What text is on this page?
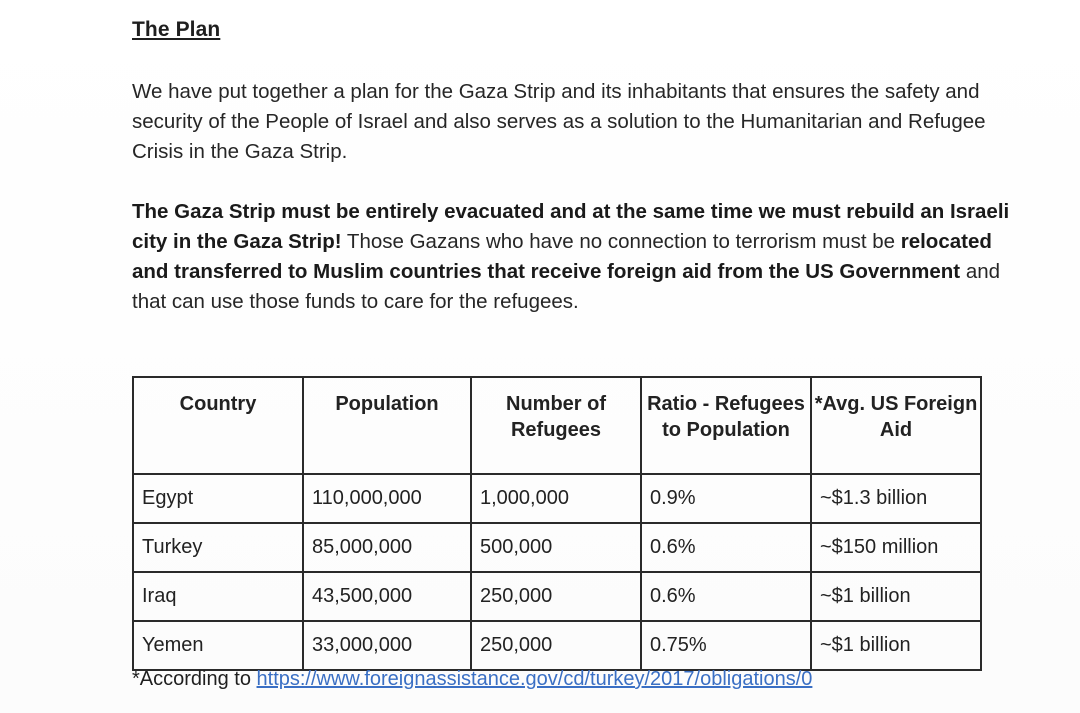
The Plan
We have put together a plan for the Gaza Strip and its inhabitants that ensures the safety and security of the People of Israel and also serves as a solution to the Humanitarian and Refugee Crisis in the Gaza Strip.
The Gaza Strip must be entirely evacuated and at the same time we must rebuild an Israeli city in the Gaza Strip! Those Gazans who have no connection to terrorism must be relocated and transferred to Muslim countries that receive foreign aid from the US Government and that can use those funds to care for the refugees.
Country	Population	Number of Refugees	Ratio - Refugees to Population	*Avg. US Foreign Aid
Egypt	110,000,000	1,000,000	0.9%	~$1.3 billion
Turkey	85,000,000	500,000	0.6%	~$150 million
Iraq	43,500,000	250,000	0.6%	~$1 billion
Yemen	33,000,000	250,000	0.75%	~$1 billion
*According to https://www.foreignassistance.gov/cd/turkey/2017/obligations/0
